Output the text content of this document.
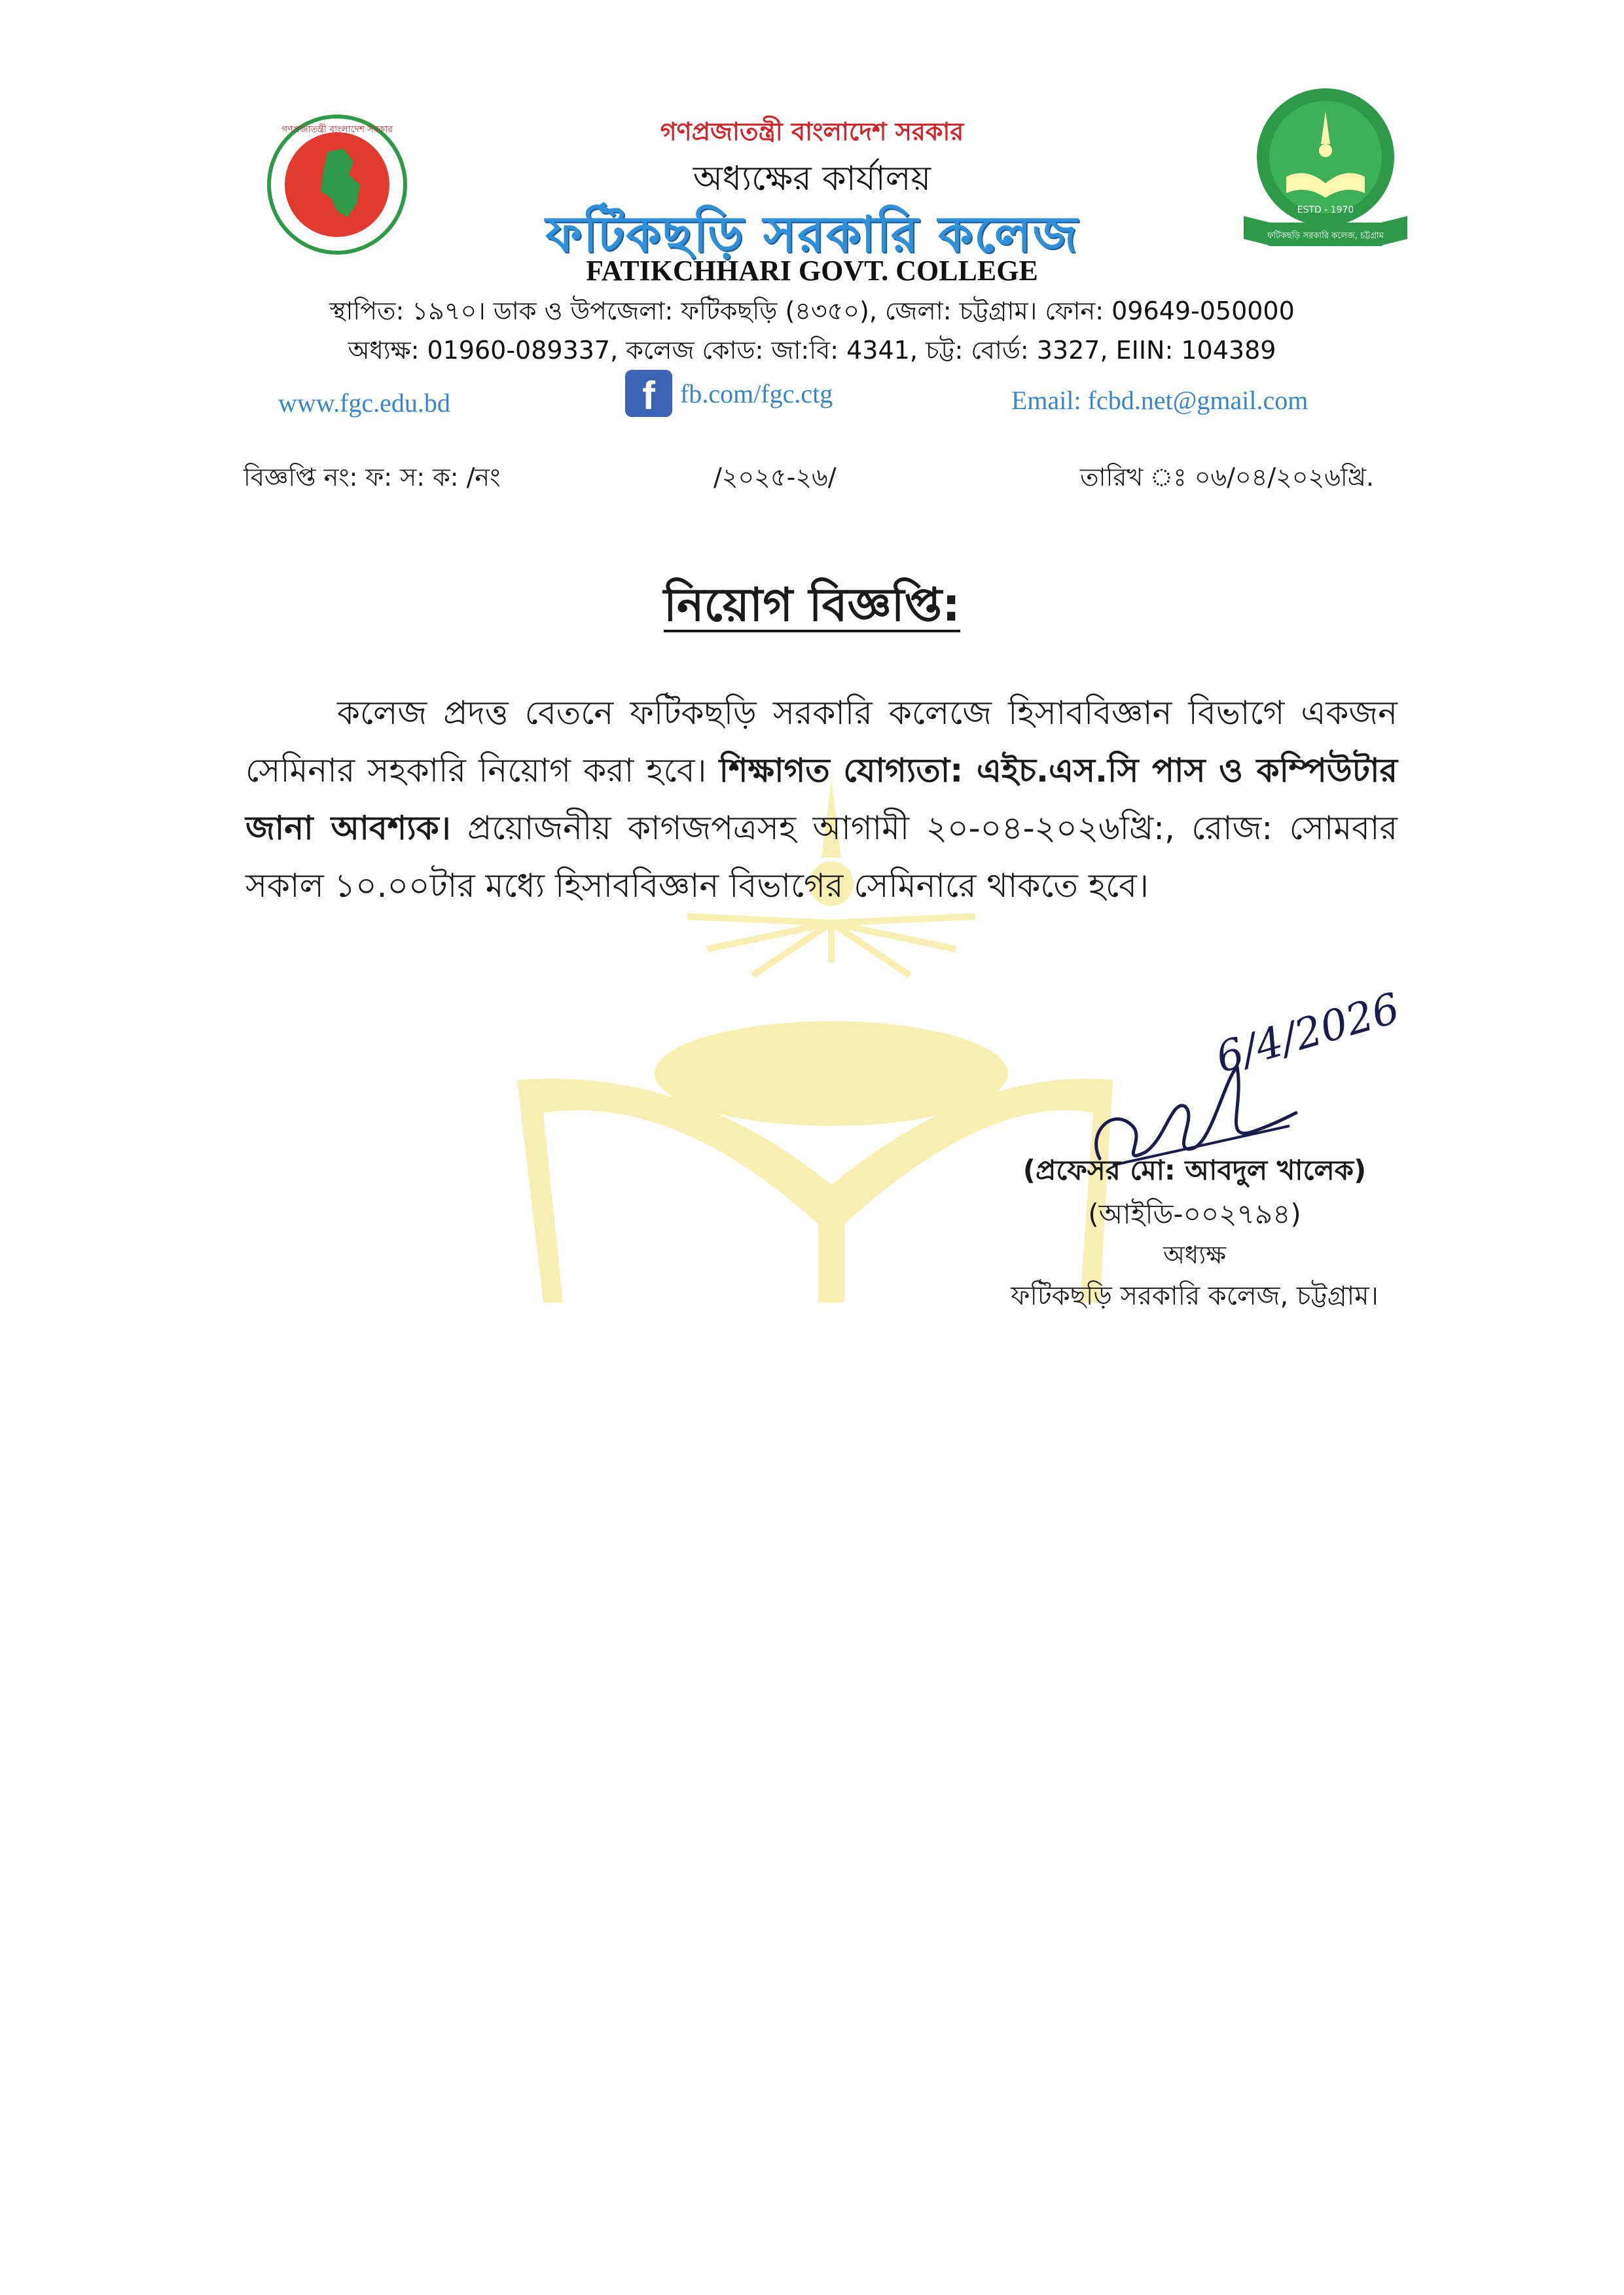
গণপ্রজাতন্ত্রী বাংলাদেশ সরকার
ESTD - 1970
ফটিকছড়ি সরকারি কলেজ, চট্টগ্রাম
গণপ্রজাতন্ত্রী বাংলাদেশ সরকার
অধ্যক্ষের কার্যালয়
ফটিকছড়ি সরকারি কলেজ
FATIKCHHARI GOVT. COLLEGE
স্থাপিত: ১৯৭০। ডাক ও উপজেলা: ফটিকছড়ি (৪৩৫০), জেলা: চট্টগ্রাম। ফোন: 09649-050000
অধ্যক্ষ: 01960-089337, কলেজ কোড: জা:বি: 4341, চট্ট: বোর্ড: 3327, EIIN: 104389
www.fgc.edu.bd	f fb.com/fgc.ctg	Email: fcbd.net@gmail.com
বিজ্ঞপ্তি নং: ফ: স: ক: /নং	/২০২৫-২৬/	তারিখ ঃ ০৬/০৪/২০২৬খ্রি.
নিয়োগ বিজ্ঞপ্তি:
কলেজ প্রদত্ত বেতনে ফটিকছড়ি সরকারি কলেজে হিসাববিজ্ঞান বিভাগে একজন সেমিনার সহকারি নিয়োগ করা হবে। শিক্ষাগত যোগ্যতা: এইচ.এস.সি পাস ও কম্পিউটার জানা আবশ্যক। প্রয়োজনীয় কাগজপত্রসহ আগামী ২০-০৪-২০২৬খ্রি:, রোজ: সোমবার সকাল ১০.০০টার মধ্যে হিসাববিজ্ঞান বিভাগের সেমিনারে থাকতে হবে।
6/4/2026
(প্রফেসর মো: আবদুল খালেক)
(আইডি-০০২৭৯৪)
অধ্যক্ষ
ফটিকছড়ি সরকারি কলেজ, চট্টগ্রাম।
